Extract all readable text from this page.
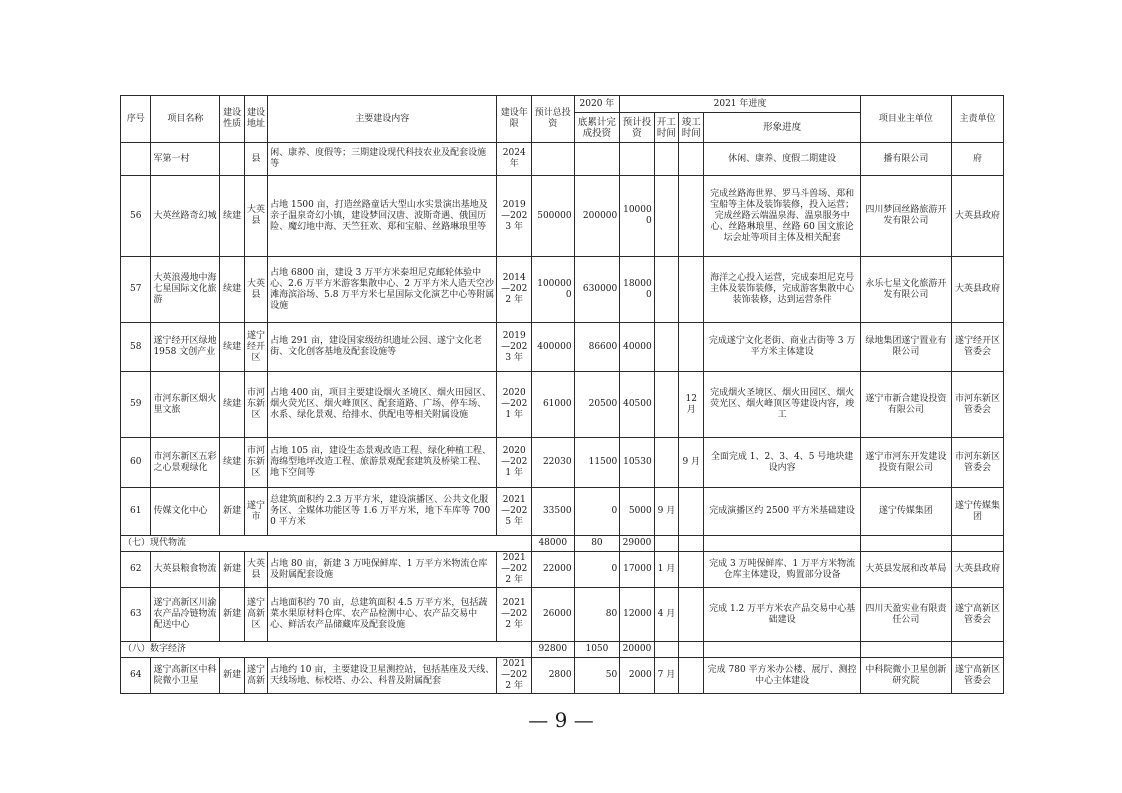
序号	项目名称	建设性质	建设地址	主要建设内容	建设年限	预计总投资	2020 年	2021 年进度				项目业主单位	主责单位
							底累计完成投资	预计投资	开工时间	竣工时间	形象进度		
	军第一村		县	闲、康养、度假等；三期建设现代科技农业及配套设施等	2024 年						休闲、康养、度假二期建设	播有限公司	府
56	大英丝路奇幻城	续建	大英县	占地 1500 亩，打造丝路童话大型山水实景演出基地及亲子温泉奇幻小镇，建设梦回汉唐、波斯奇遇、俄国历险、魔幻地中海、天竺狂欢、郑和宝船、丝路琳琅里等	2019—2023 年	500000	200000	100000			完成丝路海世界、罗马斗兽场、郑和宝船等主体及装饰装修，投入运营；完成丝路云端温泉海、温泉服务中心、丝路琳琅里、丝路 60 国文旅论坛会址等项目主体及相关配套	四川梦回丝路旅游开发有限公司	大英县政府
57	大英浪漫地中海七星国际文化旅游	续建	大英县	占地 6800 亩，建设 3 万平方米泰坦尼克邮轮体验中心、2.6 万平方米游客集散中心、2 万平方米人造天空沙滩海滨浴场、5.8 万平方米七星国际文化演艺中心等附属设施	2014—2022 年	1000000	630000	180000			海洋之心投入运营，完成泰坦尼克号主体及装饰装修，完成游客集散中心装饰装修，达到运营条件	永乐七星文化旅游开发有限公司	大英县政府
58	遂宁经开区绿地 1958 文创产业	续建	遂宁经开区	占地 291 亩，建设国家级纺织遗址公园、遂宁文化老街、文化创客基地及配套设施等	2019—2023 年	400000	86600	40000			完成遂宁文化老街、商业古街等 3 万平方米主体建设	绿地集团遂宁置业有限公司	遂宁经开区管委会
59	市河东新区烟火里文旅	续建	市河东新区	占地 400 亩，项目主要建设烟火圣境区、烟火田园区、烟火荧光区、烟火峰顶区、配套道路、广场、停车场、水系、绿化景观、给排水、供配电等相关附属设施	2020—2021 年	61000	20500	40500		12 月	完成烟火圣境区、烟火田园区、烟火荧光区、烟火峰顶区等建设内容，竣工	遂宁市新合建设投资有限公司	市河东新区管委会
60	市河东新区五彩之心景观绿化	续建	市河东新区	占地 105 亩，建设生态景观改造工程、绿化种植工程、海绵型地坪改造工程、旅游景观配套建筑及桥梁工程、地下空间等	2020—2021 年	22030	11500	10530		9 月	全面完成 1、2、3、4、5 号地块建设内容	遂宁市河东开发建设投资有限公司	市河东新区管委会
61	传媒文化中心	新建	遂宁市	总建筑面积约 2.3 万平方米，建设演播区、公共文化服务区、全媒体功能区等 1.6 万平方米，地下车库等 7000 平方米	2021—2025 年	33500	0	5000	9 月		完成演播区约 2500 平方米基础建设	遂宁传媒集团	遂宁传媒集团
（七）现代物流						48000	80	29000					
62	大英县粮食物流	新建	大英县	占地 80 亩，新建 3 万吨保鲜库、1 万平方米物流仓库及附属配套设施	2021—2022 年	22000	0	17000	1 月		完成 3 万吨保鲜库、1 万平方米物流仓库主体建设，购置部分设备	大英县发展和改革局	大英县政府
63	遂宁高新区川渝农产品冷链物流配送中心	新建	遂宁高新区	占地面积约 70 亩，总建筑面积 4.5 万平方米，包括蔬菜水果原材料仓库、农产品检测中心、农产品交易中心、鲜活农产品储藏库及配套设施	2021—2022 年	26000	80	12000	4 月		完成 1.2 万平方米农产品交易中心基础建设	四川天盈实业有限责任公司	遂宁高新区管委会
（八）数字经济						92800	1050	20000					
64	遂宁高新区中科院微小卫星	新建	遂宁高新	占地约 10 亩，主要建设卫星测控站，包括基座及天线、天线场地、标校塔、办公、科普及附属配套	2021—2022 年	2800	50	2000	7 月		完成 780 平方米办公楼、展厅、测控中心主体建设	中科院微小卫星创新研究院	遂宁高新区管委会
— 9 —
